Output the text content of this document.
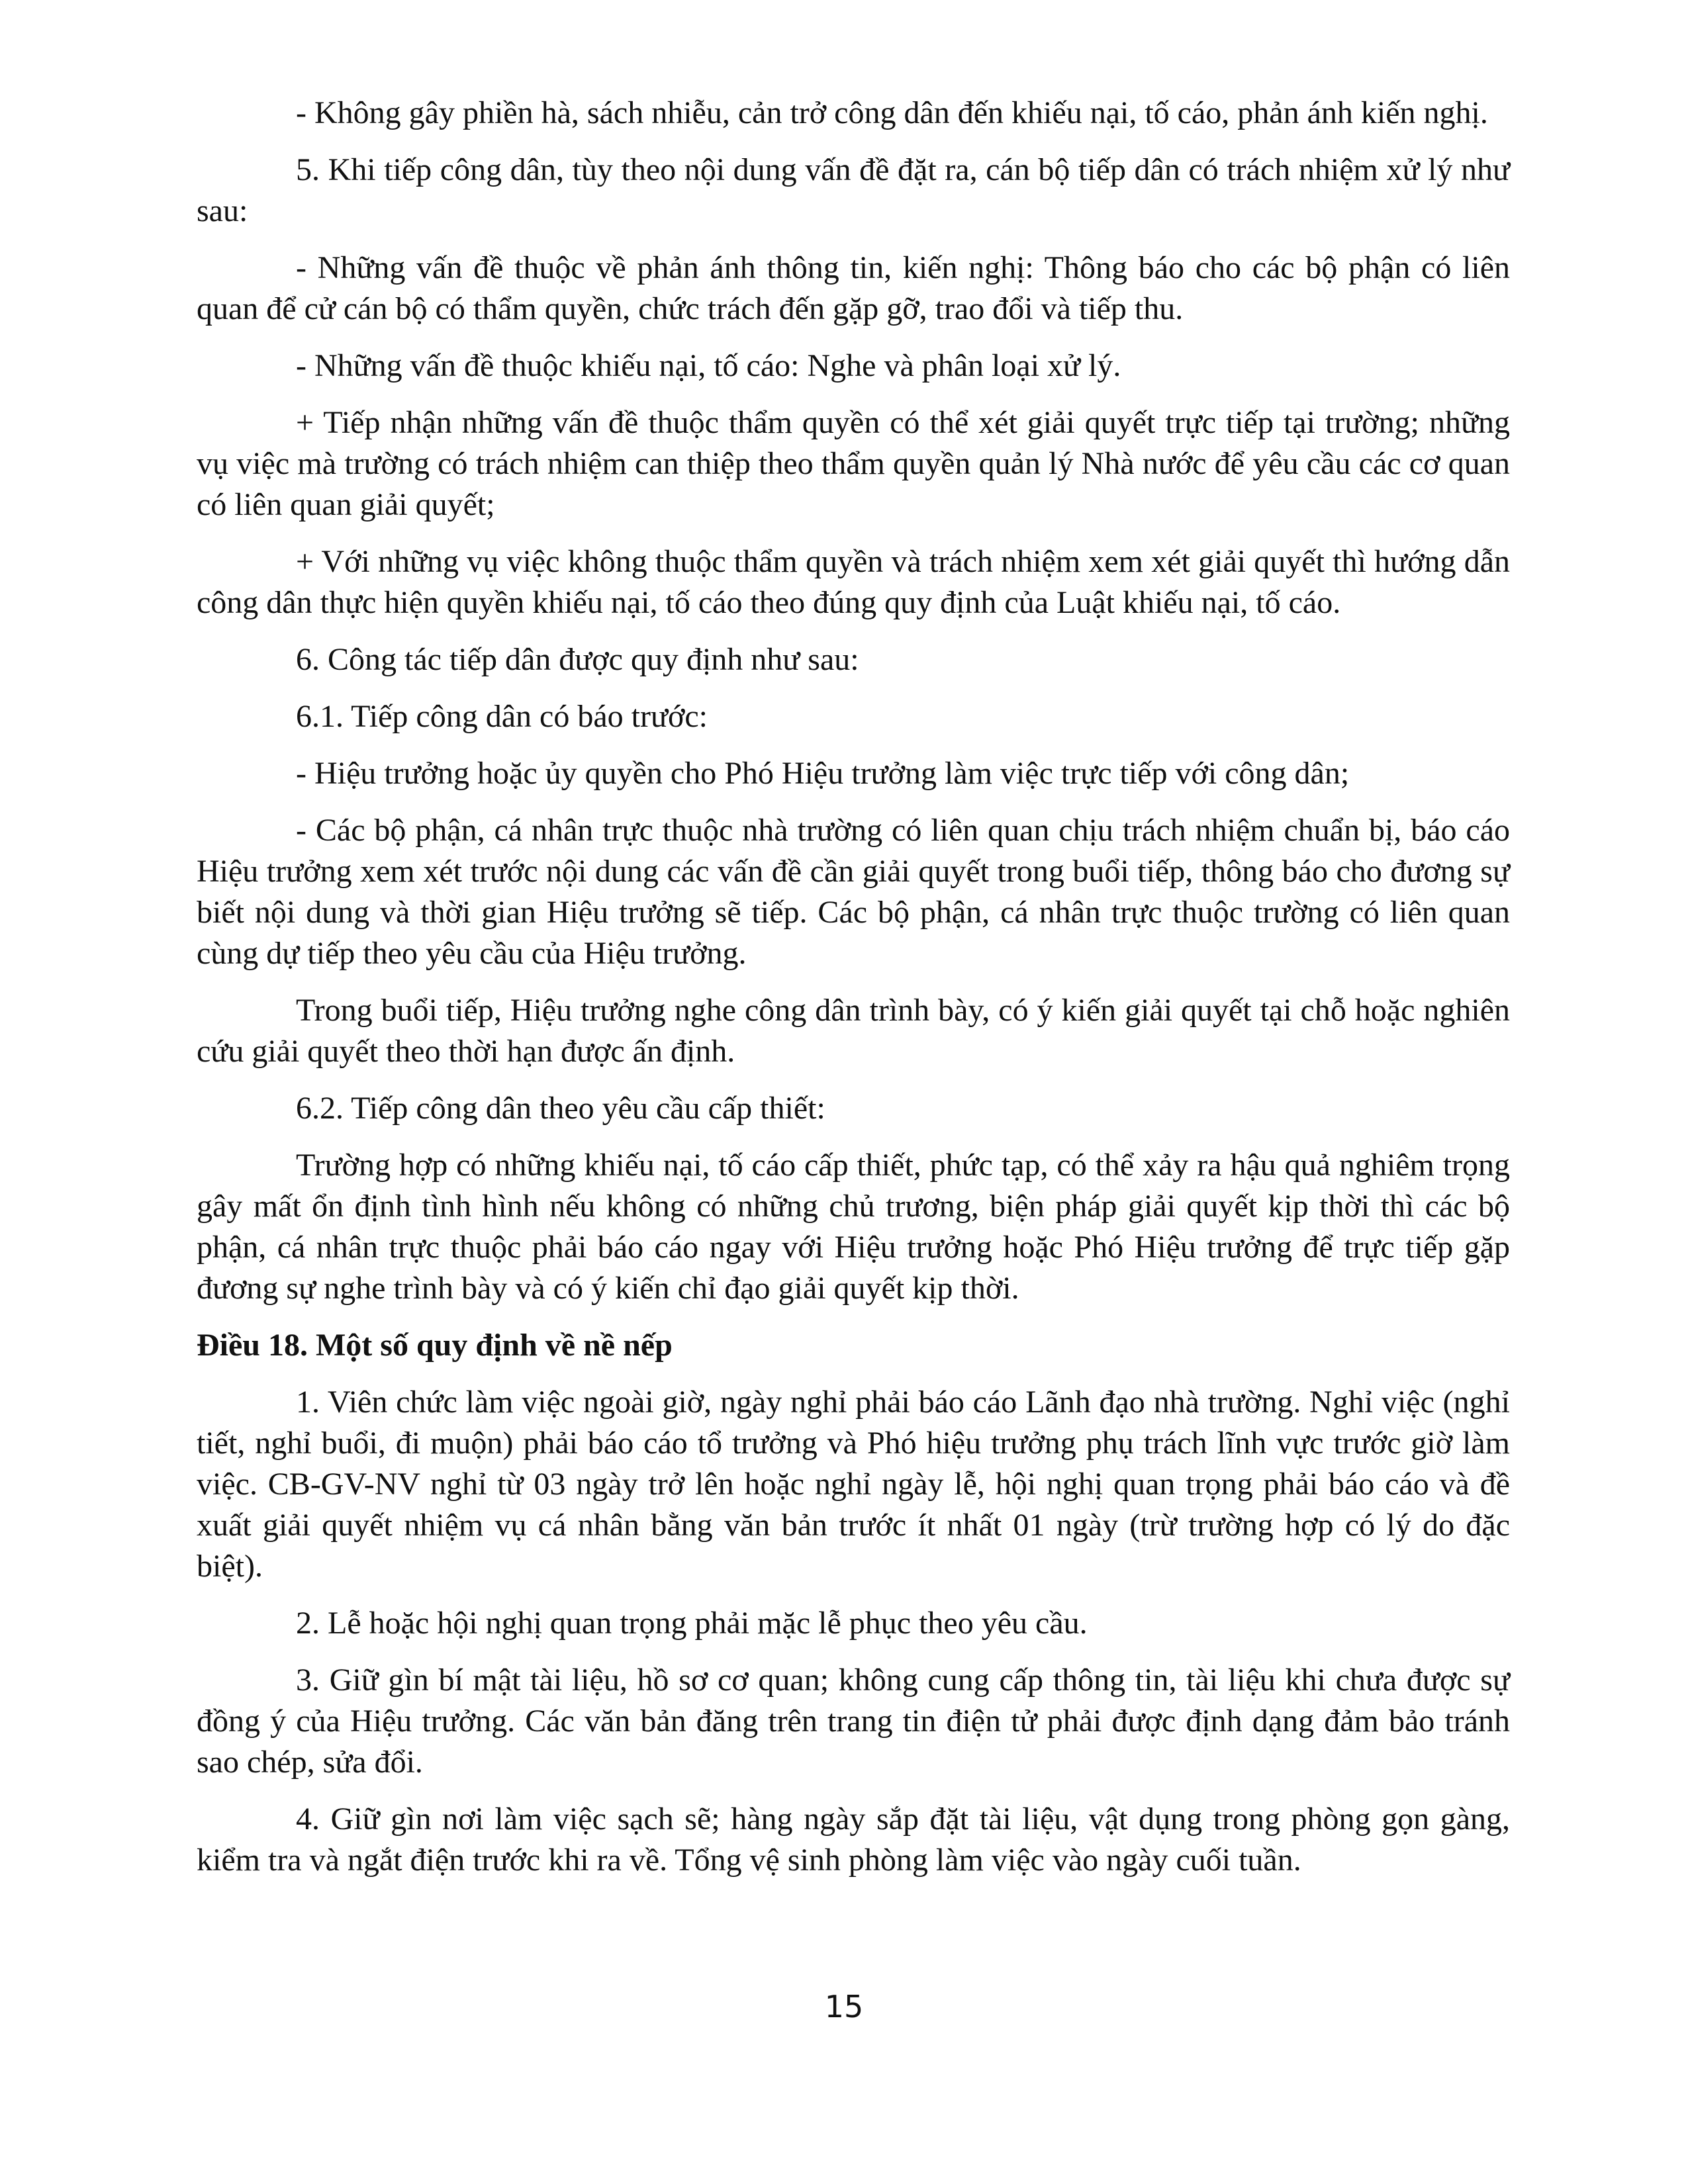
- Không gây phiền hà, sách nhiễu, cản trở công dân đến khiếu nại, tố cáo, phản ánh kiến nghị.

5. Khi tiếp công dân, tùy theo nội dung vấn đề đặt ra, cán bộ tiếp dân có trách nhiệm xử lý như sau:

- Những vấn đề thuộc về phản ánh thông tin, kiến nghị: Thông báo cho các bộ phận có liên quan để cử cán bộ có thẩm quyền, chức trách đến gặp gỡ, trao đổi và tiếp thu.

- Những vấn đề thuộc khiếu nại, tố cáo: Nghe và phân loại xử lý.

+ Tiếp nhận những vấn đề thuộc thẩm quyền có thể xét giải quyết trực tiếp tại trường; những vụ việc mà trường có trách nhiệm can thiệp theo thẩm quyền quản lý Nhà nước để yêu cầu các cơ quan có liên quan giải quyết;

+ Với những vụ việc không thuộc thẩm quyền và trách nhiệm xem xét giải quyết thì hướng dẫn công dân thực hiện quyền khiếu nại, tố cáo theo đúng quy định của Luật khiếu nại, tố cáo.

6. Công tác tiếp dân được quy định như sau:

6.1. Tiếp công dân có báo trước:

- Hiệu trưởng hoặc ủy quyền cho Phó Hiệu trưởng làm việc trực tiếp với công dân;

- Các bộ phận, cá nhân trực thuộc nhà trường có liên quan chịu trách nhiệm chuẩn bị, báo cáo Hiệu trưởng xem xét trước nội dung các vấn đề cần giải quyết trong buổi tiếp, thông báo cho đương sự biết nội dung và thời gian Hiệu trưởng sẽ tiếp. Các bộ phận, cá nhân trực thuộc trường có liên quan cùng dự tiếp theo yêu cầu của Hiệu trưởng.

Trong buổi tiếp, Hiệu trưởng nghe công dân trình bày, có ý kiến giải quyết tại chỗ hoặc nghiên cứu giải quyết theo thời hạn được ấn định.

6.2. Tiếp công dân theo yêu cầu cấp thiết:

Trường hợp có những khiếu nại, tố cáo cấp thiết, phức tạp, có thể xảy ra hậu quả nghiêm trọng gây mất ổn định tình hình nếu không có những chủ trương, biện pháp giải quyết kịp thời thì các bộ phận, cá nhân trực thuộc phải báo cáo ngay với Hiệu trưởng hoặc Phó Hiệu trưởng để trực tiếp gặp đương sự nghe trình bày và có ý kiến chỉ đạo giải quyết kịp thời.

Điều 18. Một số quy định về nề nếp

1. Viên chức làm việc ngoài giờ, ngày nghỉ phải báo cáo Lãnh đạo nhà trường. Nghỉ việc (nghỉ tiết, nghỉ buổi, đi muộn) phải báo cáo tổ trưởng và Phó hiệu trưởng phụ trách lĩnh vực trước giờ làm việc. CB-GV-NV nghỉ từ 03 ngày trở lên hoặc nghỉ ngày lễ, hội nghị quan trọng phải báo cáo và đề xuất giải quyết nhiệm vụ cá nhân bằng văn bản trước ít nhất 01 ngày (trừ trường hợp có lý do đặc biệt).

2. Lễ hoặc hội nghị quan trọng phải mặc lễ phục theo yêu cầu.

3. Giữ gìn bí mật tài liệu, hồ sơ cơ quan; không cung cấp thông tin, tài liệu khi chưa được sự đồng ý của Hiệu trưởng. Các văn bản đăng trên trang tin điện tử phải được định dạng đảm bảo tránh sao chép, sửa đổi.

4. Giữ gìn nơi làm việc sạch sẽ; hàng ngày sắp đặt tài liệu, vật dụng trong phòng gọn gàng, kiểm tra và ngắt điện trước khi ra về. Tổng vệ sinh phòng làm việc vào ngày cuối tuần.

15
